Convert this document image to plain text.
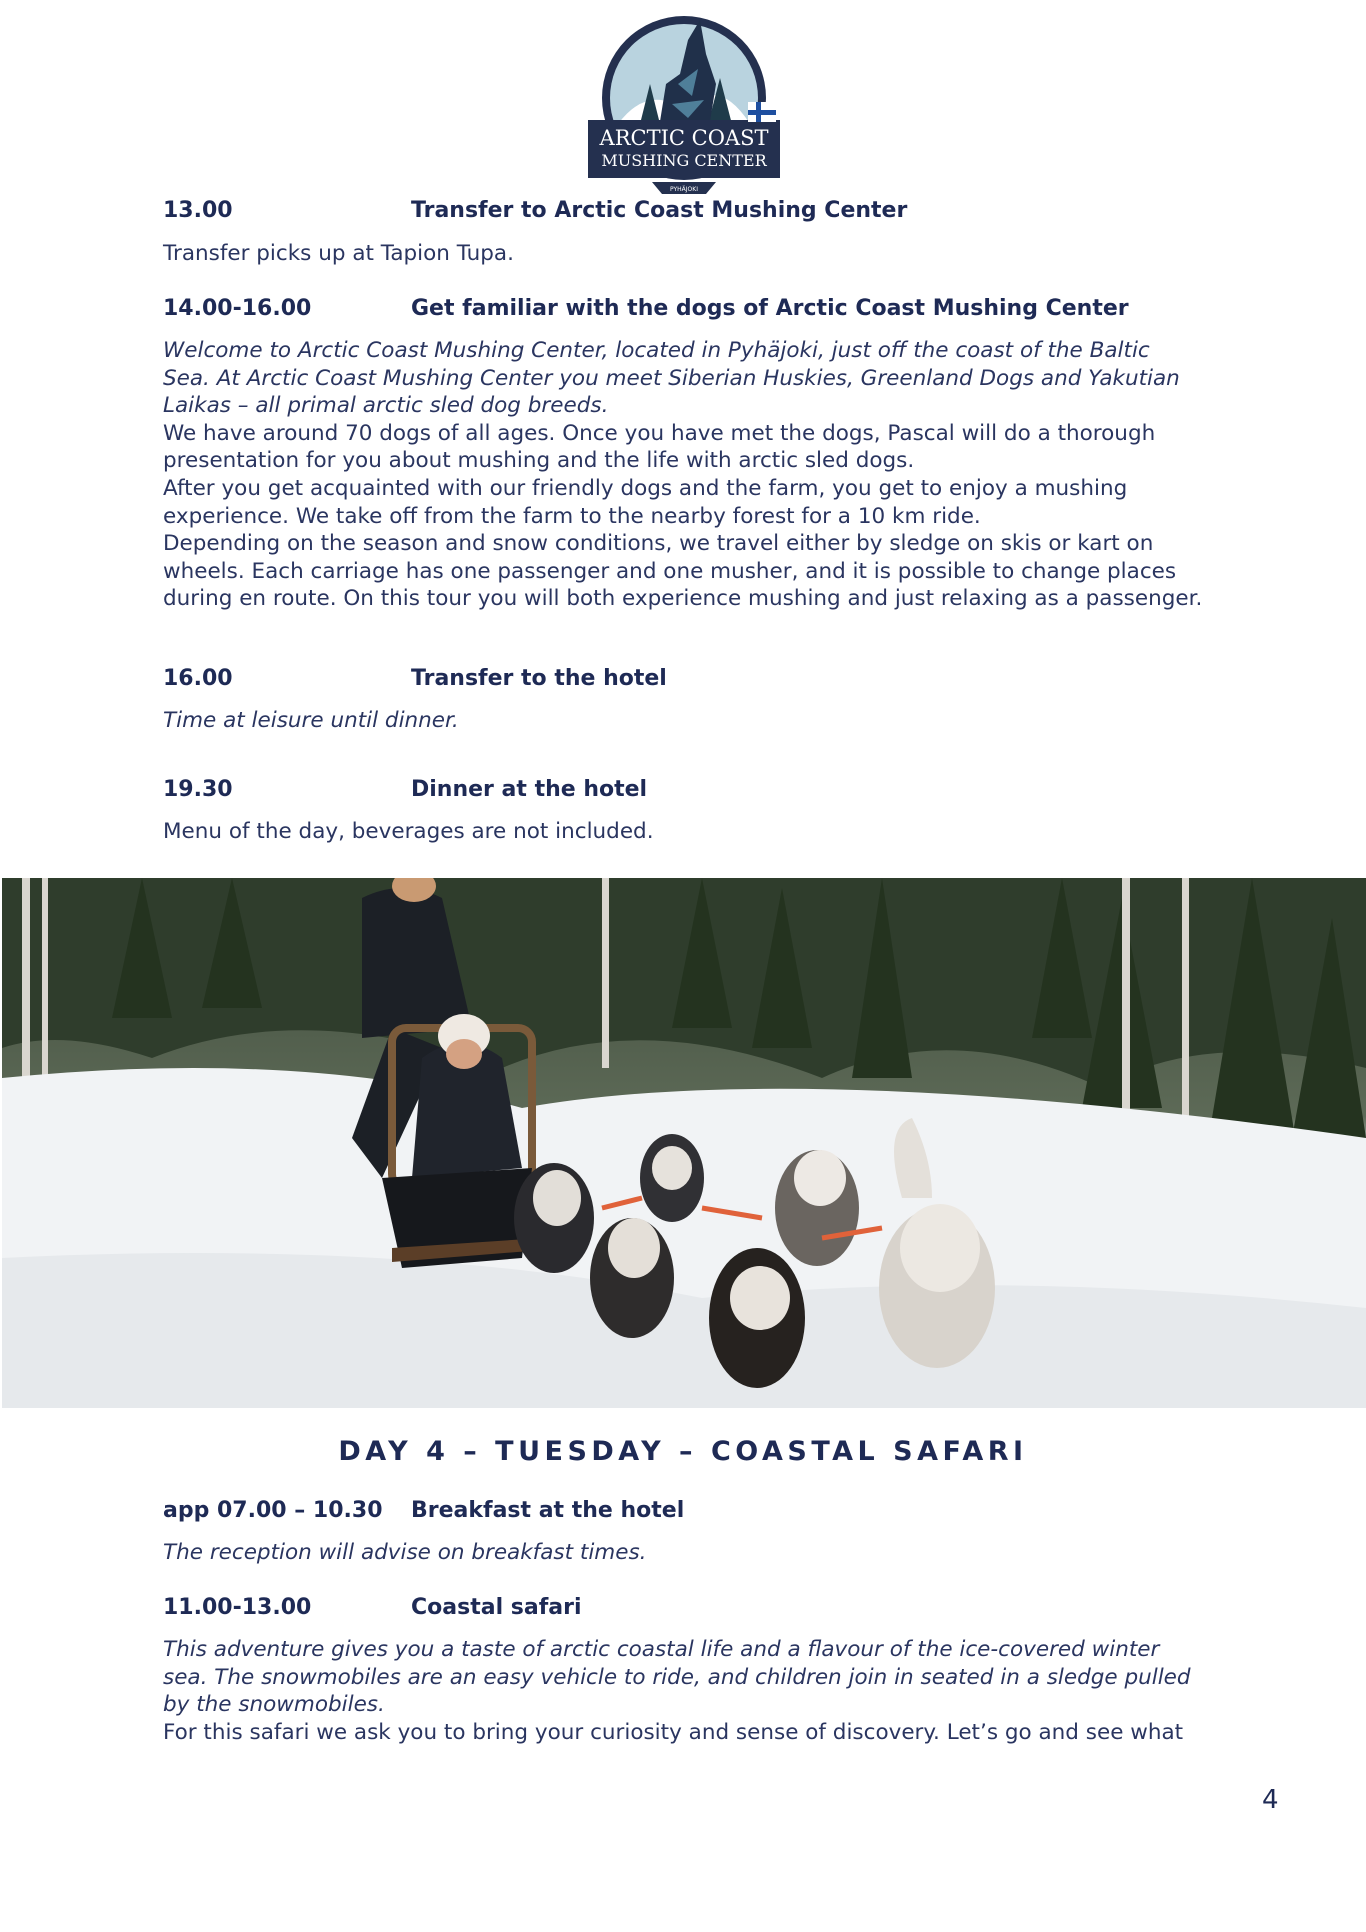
ARCTIC COAST
MUSHING CENTER
PYHÄJOKI
13.00	Transfer to Arctic Coast Mushing Center

Transfer picks up at Tapion Tupa.

14.00-16.00	Get familiar with the dogs of Arctic Coast Mushing Center

Welcome to Arctic Coast Mushing Center, located in Pyhäjoki, just off the coast of the Baltic Sea. At Arctic Coast Mushing Center you meet Siberian Huskies, Greenland Dogs and Yakutian Laikas – all primal arctic sled dog breeds.

We have around 70 dogs of all ages. Once you have met the dogs, Pascal will do a thorough presentation for you about mushing and the life with arctic sled dogs.

After you get acquainted with our friendly dogs and the farm, you get to enjoy a mushing experience. We take off from the farm to the nearby forest for a 10 km ride.

Depending on the season and snow conditions, we travel either by sledge on skis or kart on wheels. Each carriage has one passenger and one musher, and it is possible to change places during en route. On this tour you will both experience mushing and just relaxing as a passenger.

16.00	Transfer to the hotel

Time at leisure until dinner.

19.30	Dinner at the hotel

Menu of the day, beverages are not included.

DAY 4 – TUESDAY – COASTAL SAFARI
app 07.00 – 10.30 Breakfast at the hotel

The reception will advise on breakfast times.

11.00-13.00	Coastal safari

This adventure gives you a taste of arctic coastal life and a flavour of the ice-covered winter sea. The snowmobiles are an easy vehicle to ride, and children join in seated in a sledge pulled by the snowmobiles.

For this safari we ask you to bring your curiosity and sense of discovery. Let’s go and see what

4
